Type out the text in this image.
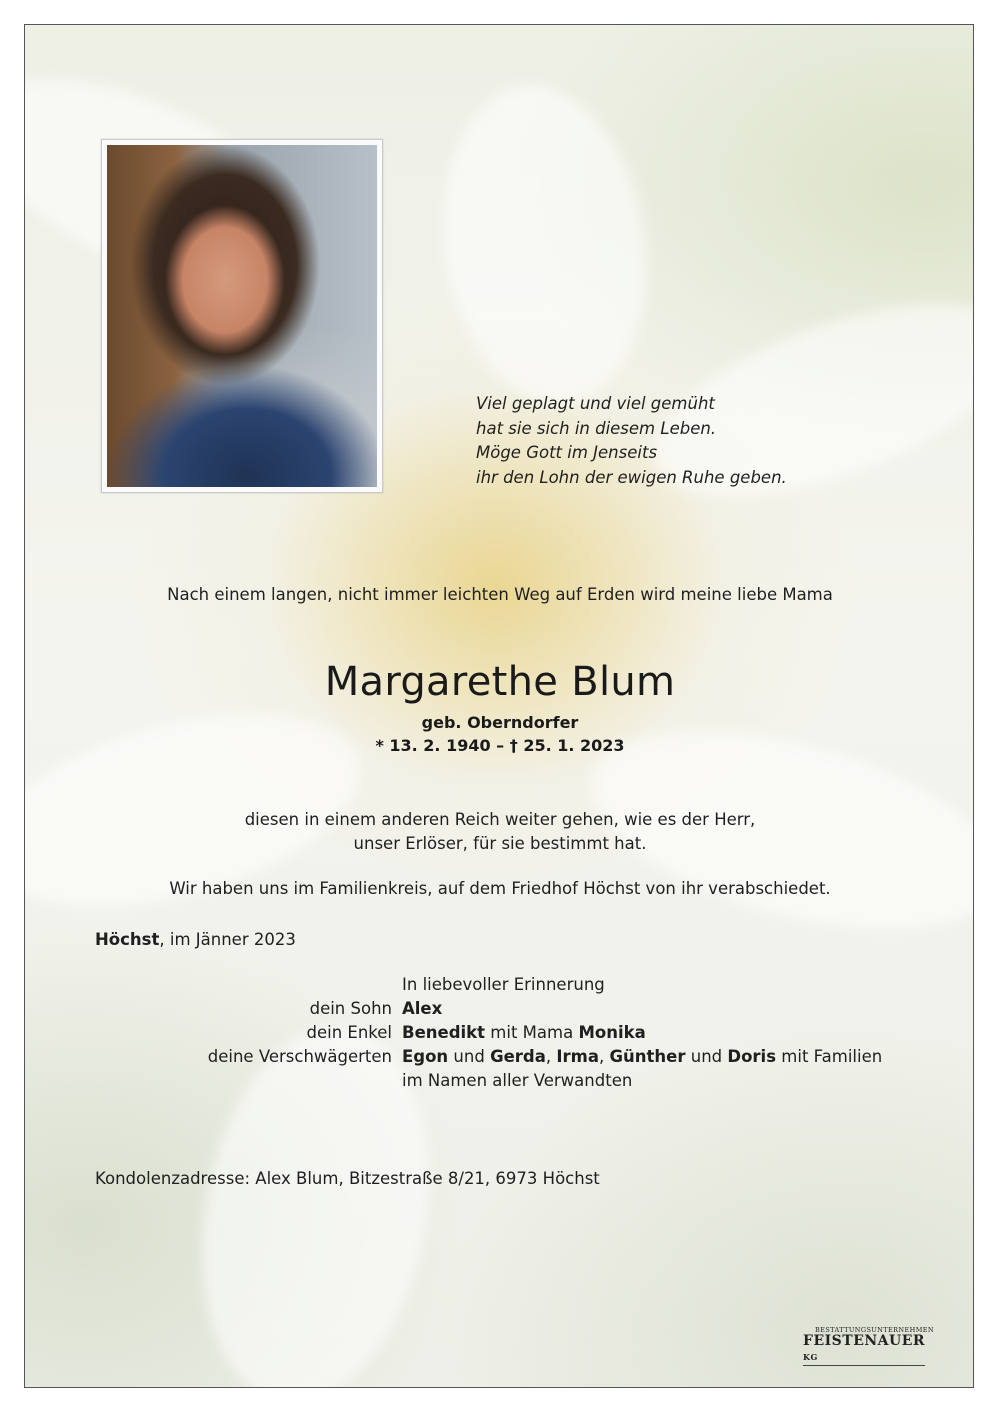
Viel geplagt und viel gemüht
hat sie sich in diesem Leben.
Möge Gott im Jenseits
ihr den Lohn der ewigen Ruhe geben.
Nach einem langen, nicht immer leichten Weg auf Erden wird meine liebe Mama
Margarethe Blum
geb. Oberndorfer
* 13. 2. 1940 – † 25. 1. 2023
diesen in einem anderen Reich weiter gehen, wie es der Herr,
unser Erlöser, für sie bestimmt hat.
Wir haben uns im Familienkreis, auf dem Friedhof Höchst von ihr verabschiedet.
Höchst, im Jänner 2023
In liebevoller Erinnerung
dein Sohn Alex
dein Enkel Benedikt mit Mama Monika
deine Verschwägerten Egon und Gerda, Irma, Günther und Doris mit Familien
im Namen aller Verwandten
Kondolenzadresse: Alex Blum, Bitzestraße 8/21, 6973 Höchst
BESTATTUNGSUNTERNEHMEN
FEISTENAUER KG
